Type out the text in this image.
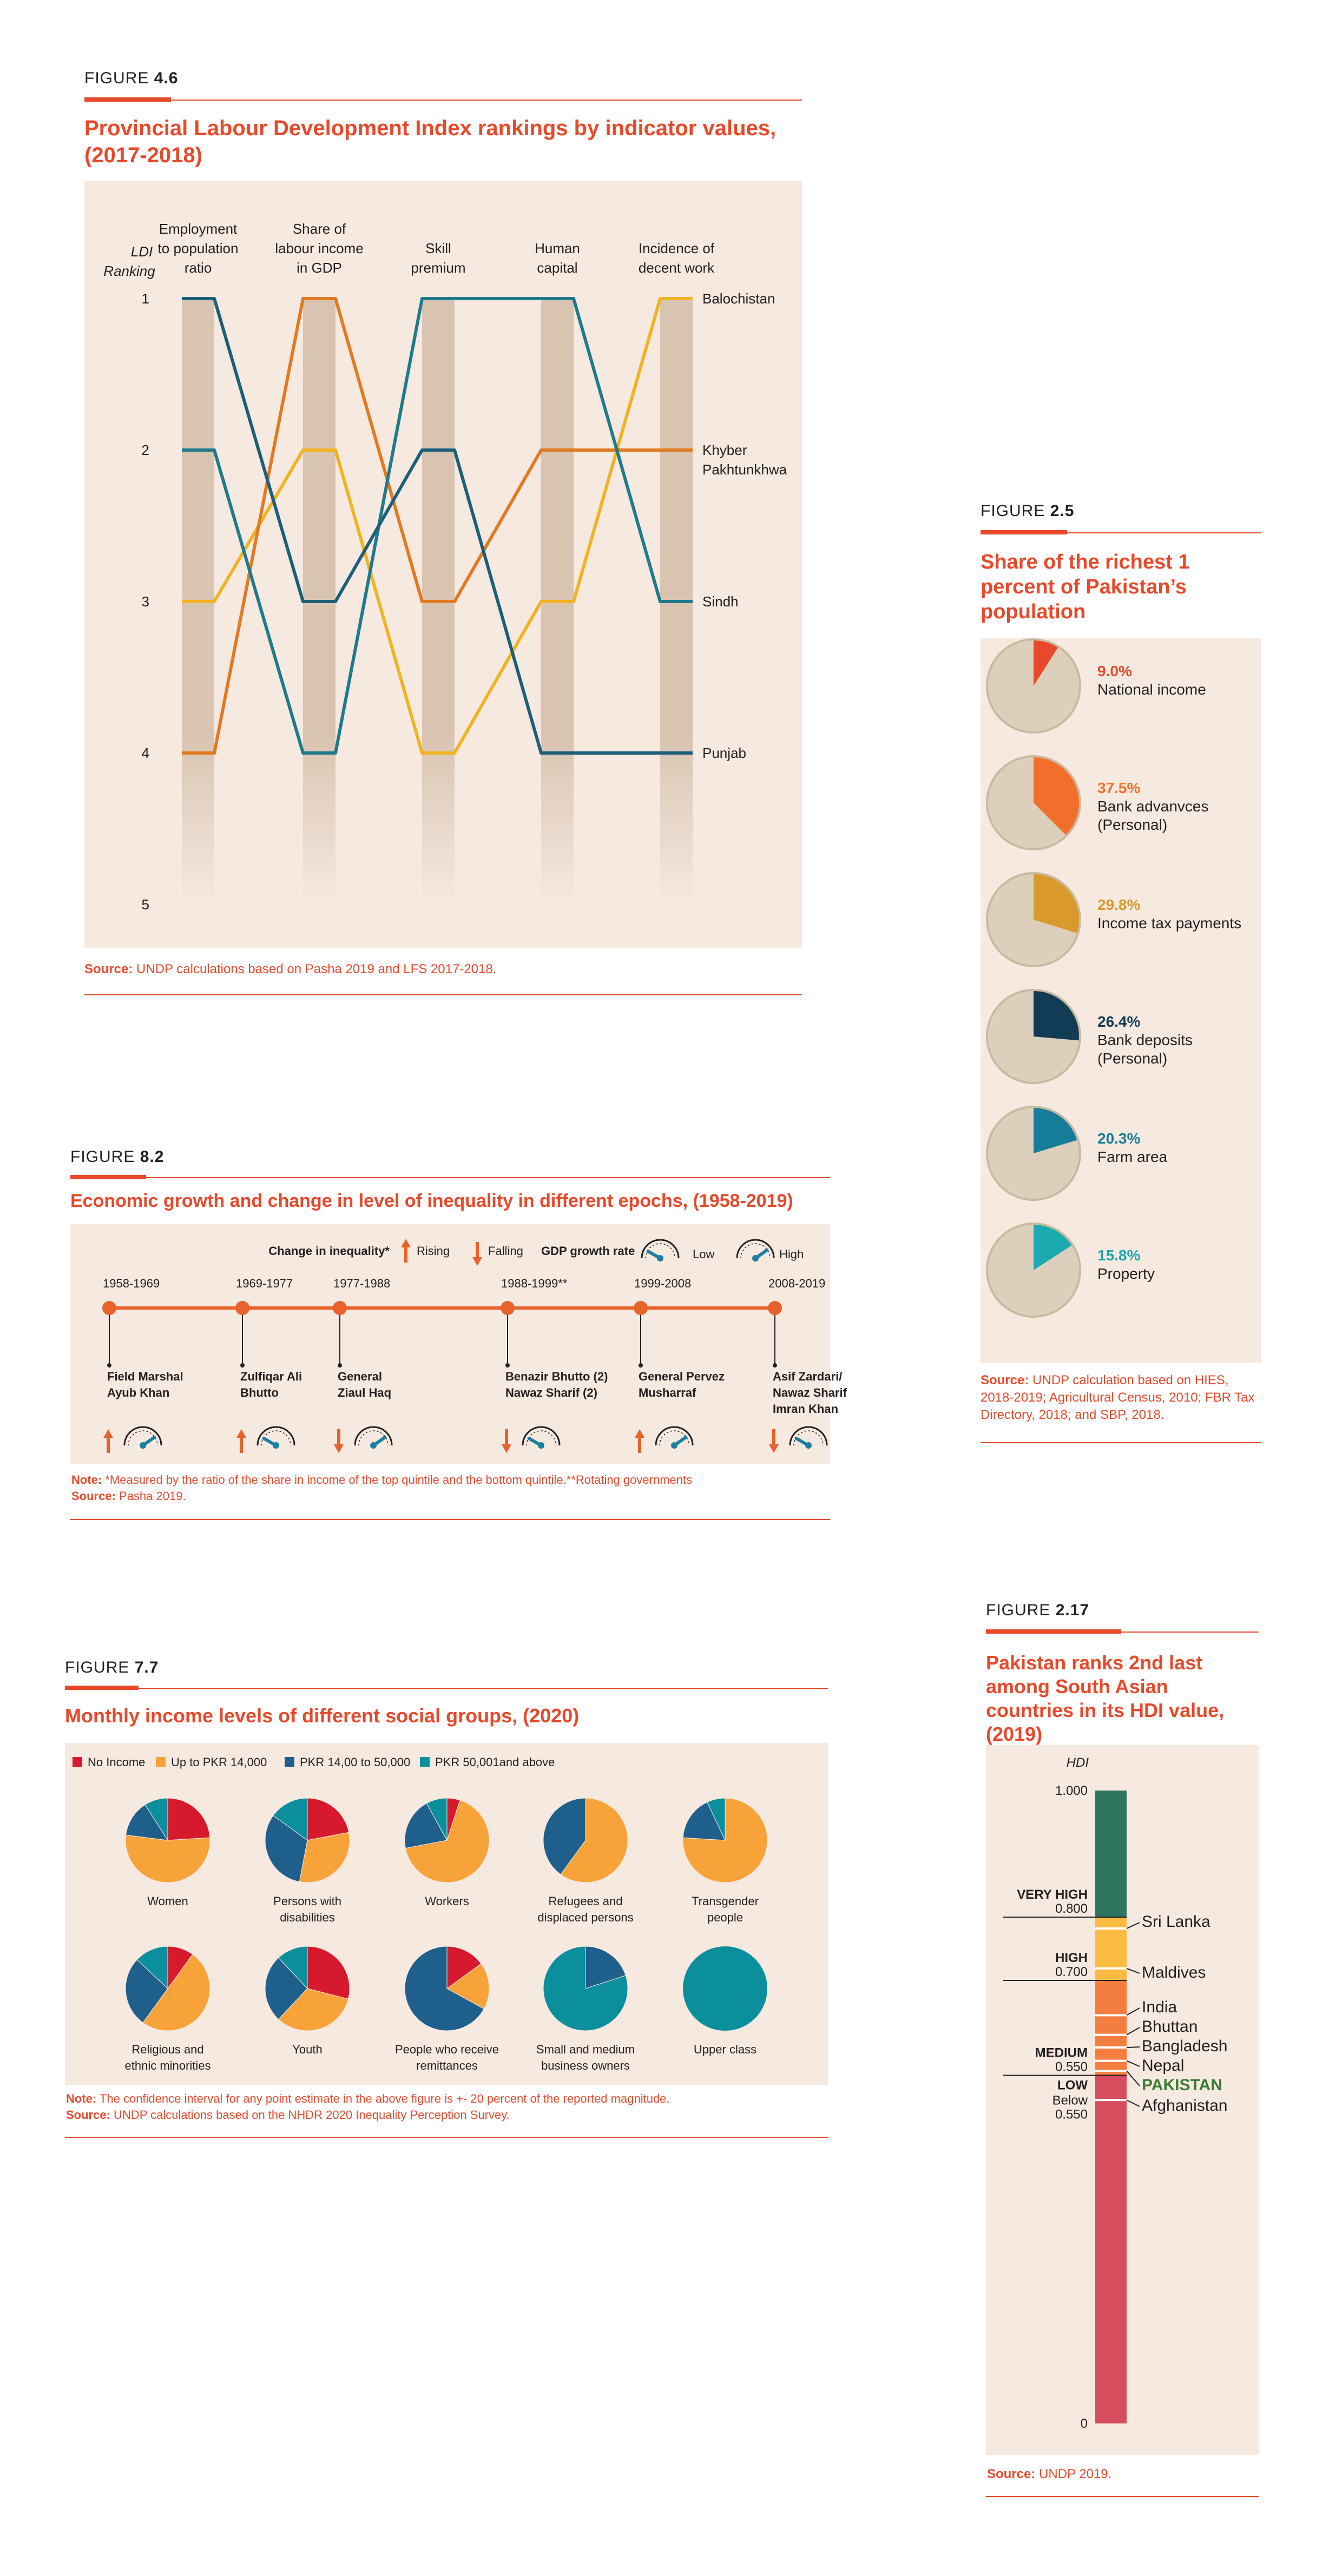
FIGURE 4.6
Provincial Labour Development Index rankings by indicator values, (2017-2018)
Employment
to population
ratio
Share of
labour income
in GDP
Skill
premium
Human
capital
Incidence of
decent work
LDI
Ranking
1
2
3
4
5
Balochistan
Khyber
Pakhtunkhwa
Sindh
Punjab
Source: UNDP calculations based on Pasha 2019 and LFS 2017-2018.
FIGURE 2.5
Share of the richest 1 percent of Pakistan’s population
9.0%
National income
37.5%
Bank advanvces
(Personal)
29.8%
Income tax payments
26.4%
Bank deposits
(Personal)
20.3%
Farm area
15.8%
Property
Source: UNDP calculation based on HIES, 2018-2019; Agricultural Census, 2010; FBR Tax Directory, 2018; and SBP, 2018.
FIGURE 8.2
Economic growth and change in level of inequality in different epochs, (1958-2019)
Change in inequality* Rising	Falling GDP growth rate	Low	High
1958-1969
Field Marshal
Ayub Khan
1969-1977
Zulfiqar Ali
Bhutto
1977-1988
General
Ziaul Haq
1988-1999**
Benazir Bhutto (2)
Nawaz Sharif (2)
1999-2008
General Pervez
Musharraf
2008-2019
Asif Zardari/
Nawaz Sharif
Imran Khan
Note: *Measured by the ratio of the share in income of the top quintile and the bottom quintile.**Rotating governments
Source: Pasha 2019.
FIGURE 7.7
Monthly income levels of different social groups, (2020)
No Income Up to PKR 14,000	PKR 14,00 to 50,000 PKR 50,001and above
Women	Persons with
disabilities
Workers	Refugees and
displaced persons
Transgender
people
Religious and
ethnic minorities
Youth	People who receive
remittances
Small and medium
business owners
Upper class
Note: The confidence interval for any point estimate in the above figure is +- 20 percent of the reported magnitude.
Source: UNDP calculations based on the NHDR 2020 Inequality Perception Survey.
FIGURE 2.17
Pakistan ranks 2nd last among South Asian countries in its HDI value, (2019)
HDI
1.000
0
VERY HIGH
0.800
HIGH
0.700
MEDIUM
0.550
LOW
Below
0.550
Sri Lanka
Maldives
India
Bhuttan
Bangladesh
Nepal
PAKISTAN
Afghanistan
Source: UNDP 2019.
